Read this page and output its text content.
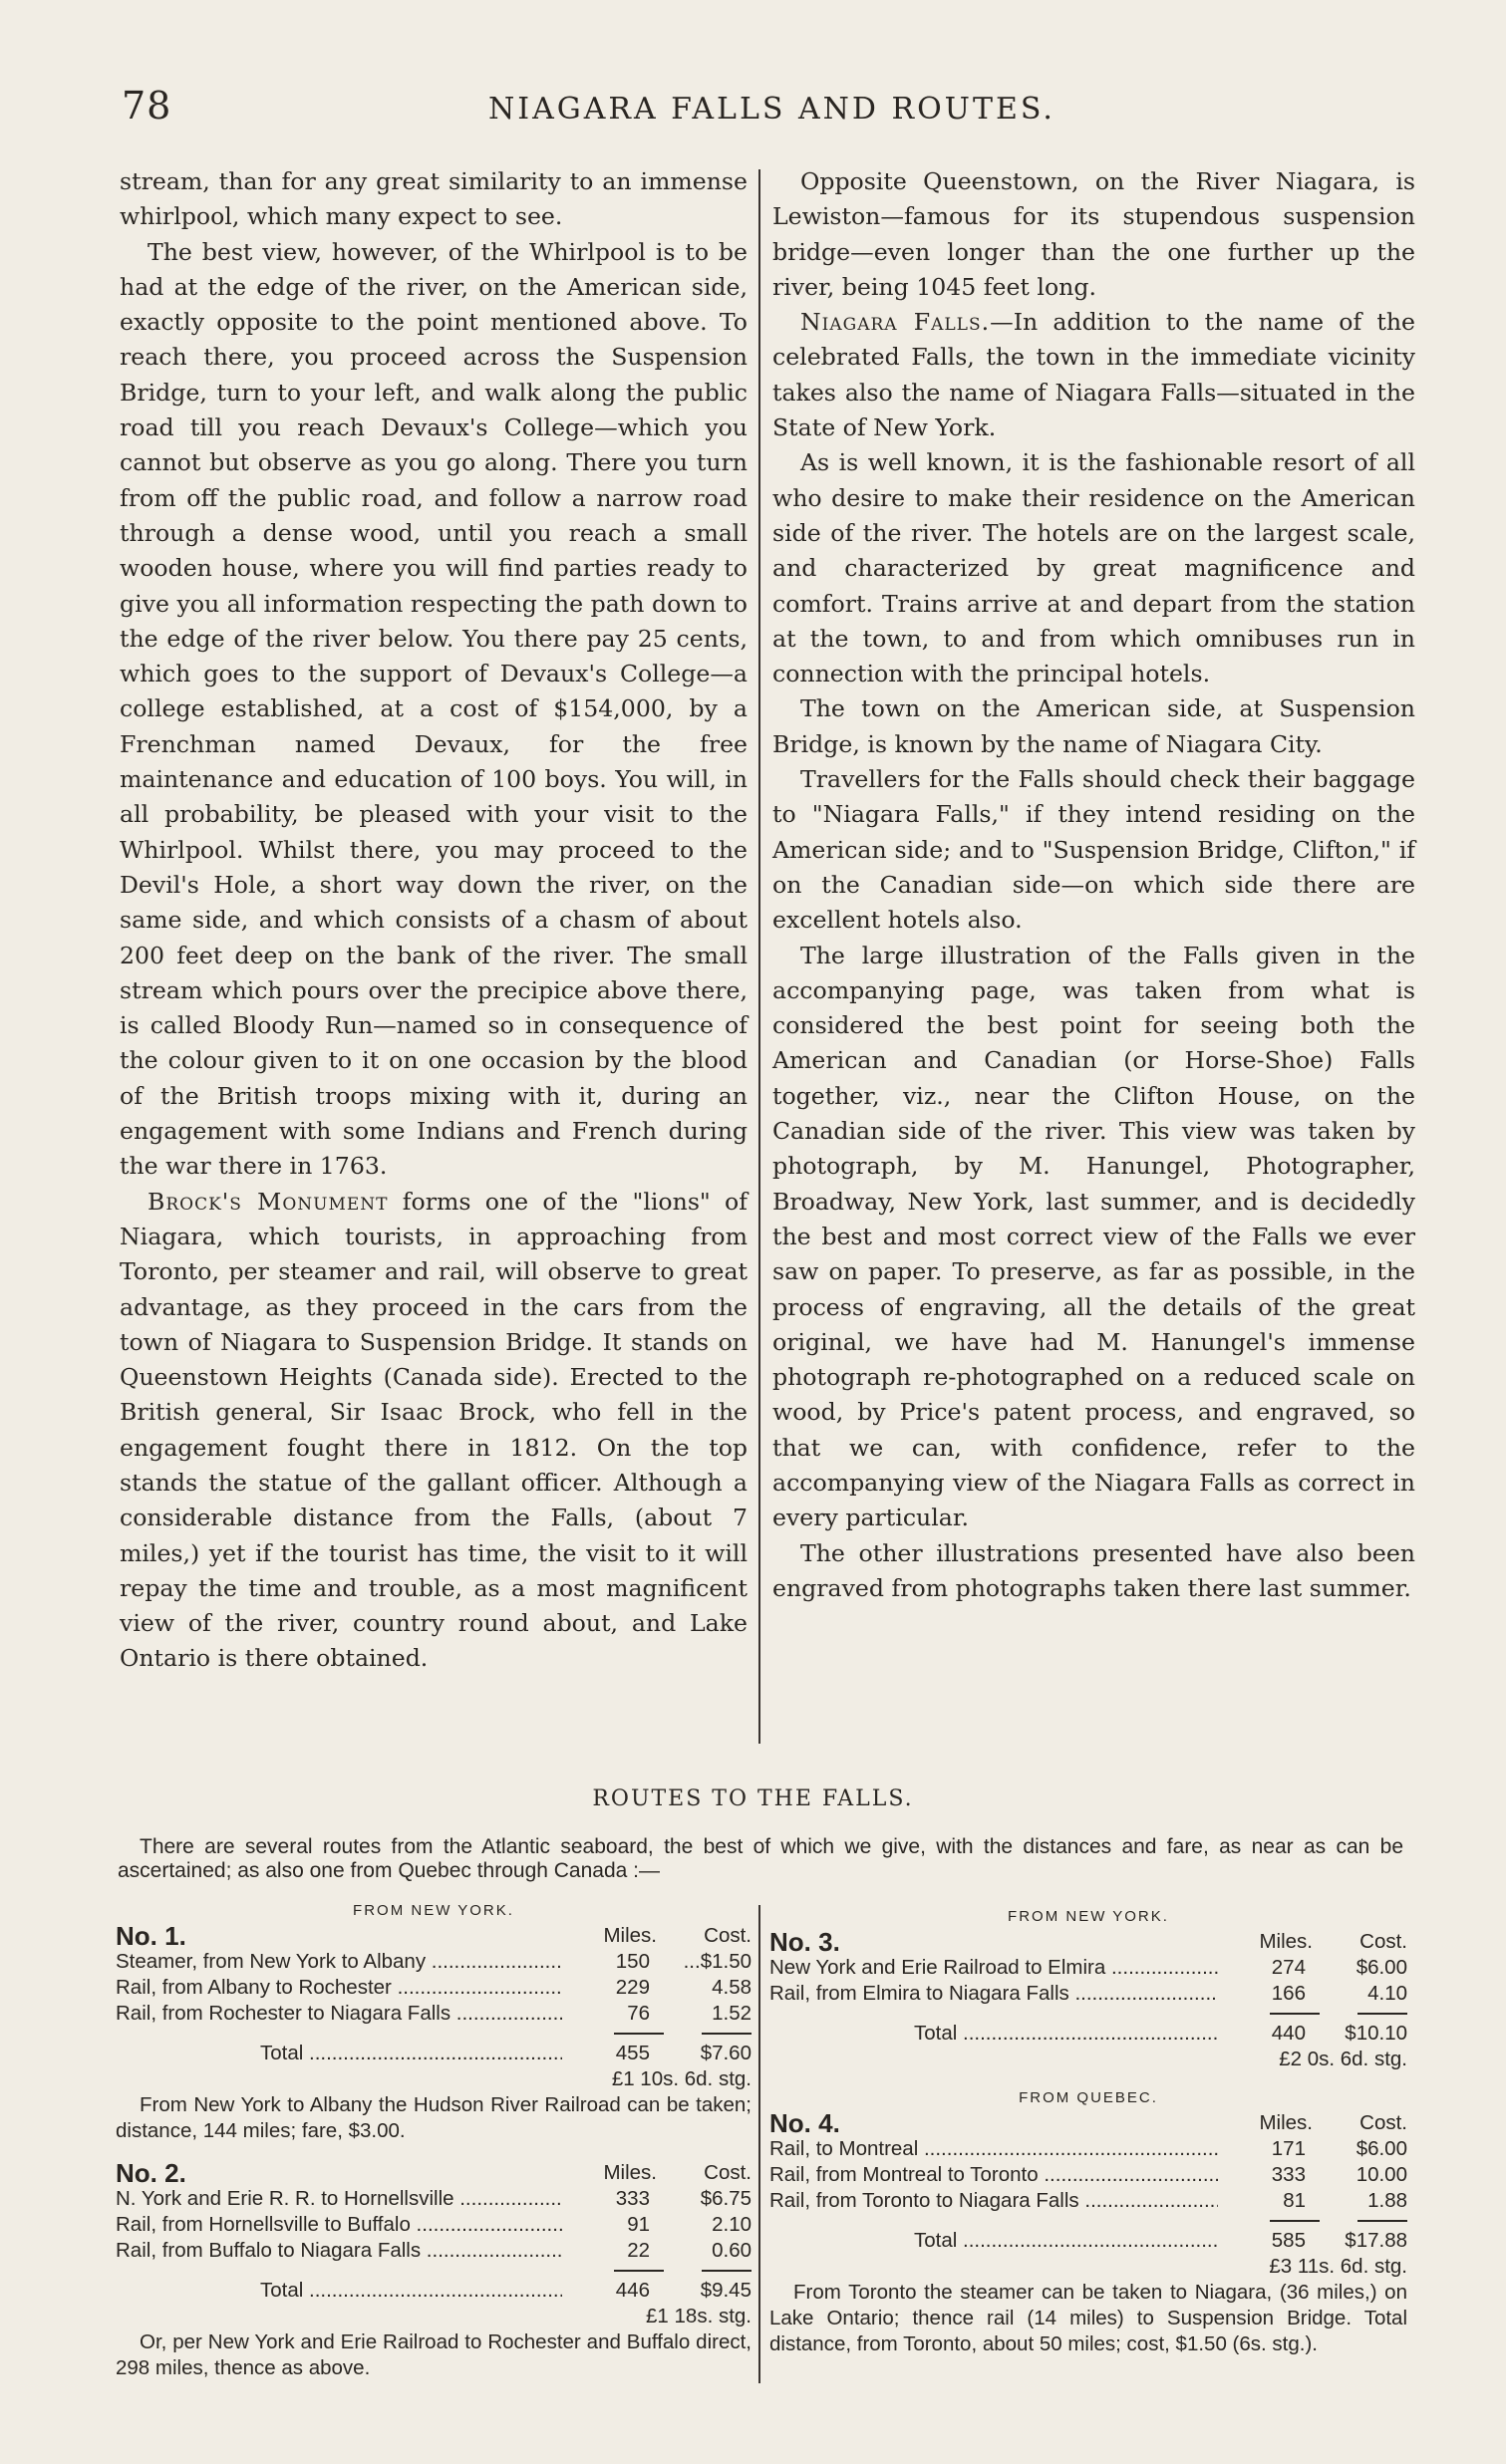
78	NIAGARA FALLS AND ROUTES.

stream, than for any great similarity to an immense whirlpool, which many expect to see.

The best view, however, of the Whirlpool is to be had at the edge of the river, on the American side, exactly opposite to the point mentioned above. To reach there, you proceed across the Suspension Bridge, turn to your left, and walk along the public road till you reach Devaux's College—which you cannot but observe as you go along. There you turn from off the public road, and follow a narrow road through a dense wood, until you reach a small wooden house, where you will find parties ready to give you all information respecting the path down to the edge of the river below. You there pay 25 cents, which goes to the support of Devaux's College—a college established, at a cost of $154,000, by a Frenchman named Devaux, for the free maintenance and education of 100 boys. You will, in all probability, be pleased with your visit to the Whirlpool. Whilst there, you may proceed to the Devil's Hole, a short way down the river, on the same side, and which consists of a chasm of about 200 feet deep on the bank of the river. The small stream which pours over the precipice above there, is called Bloody Run—named so in consequence of the colour given to it on one occasion by the blood of the British troops mixing with it, during an engagement with some Indians and French during the war there in 1763.

Brock's Monument forms one of the "lions" of Niagara, which tourists, in approaching from Toronto, per steamer and rail, will observe to great advantage, as they proceed in the cars from the town of Niagara to Suspension Bridge. It stands on Queenstown Heights (Canada side). Erected to the British general, Sir Isaac Brock, who fell in the engagement fought there in 1812. On the top stands the statue of the gallant officer. Although a considerable distance from the Falls, (about 7 miles,) yet if the tourist has time, the visit to it will repay the time and trouble, as a most magnificent view of the river, country round about, and Lake Ontario is there obtained.

Opposite Queenstown, on the River Niagara, is Lewiston—famous for its stupendous suspension bridge—even longer than the one further up the river, being 1045 feet long.

Niagara Falls.—In addition to the name of the celebrated Falls, the town in the immediate vicinity takes also the name of Niagara Falls—situated in the State of New York.

As is well known, it is the fashionable resort of all who desire to make their residence on the American side of the river. The hotels are on the largest scale, and characterized by great magnificence and comfort. Trains arrive at and depart from the station at the town, to and from which omnibuses run in connection with the principal hotels.

The town on the American side, at Suspension Bridge, is known by the name of Niagara City.

Travellers for the Falls should check their baggage to "Niagara Falls," if they intend residing on the American side; and to "Suspension Bridge, Clifton," if on the Canadian side—on which side there are excellent hotels also.

The large illustration of the Falls given in the accompanying page, was taken from what is considered the best point for seeing both the American and Canadian (or Horse-Shoe) Falls together, viz., near the Clifton House, on the Canadian side of the river. This view was taken by photograph, by M. Hanungel, Photographer, Broadway, New York, last summer, and is decidedly the best and most correct view of the Falls we ever saw on paper. To preserve, as far as possible, in the process of engraving, all the details of the great original, we have had M. Hanungel's immense photograph re-photographed on a reduced scale on wood, by Price's patent process, and engraved, so that we can, with confidence, refer to the accompanying view of the Niagara Falls as correct in every particular.

The other illustrations presented have also been engraved from photographs taken there last summer.

ROUTES TO THE FALLS.

There are several routes from the Atlantic seaboard, the best of which we give, with the distances and fare, as near as can be ascertained; as also one from Quebec through Canada :—

FROM NEW YORK.
No. 1.	Miles.	Cost.
Steamer, from New York to Albany .....	150	...$1.50
Rail, from Albany to Rochester .....	229	4.58
Rail, from Rochester to Niagara Falls .....	76	1.52
Total .....	455	$7.60
£1 10s. 6d. stg.

From New York to Albany the Hudson River Railroad can be taken; distance, 144 miles; fare, $3.00.

No. 2.	Miles.	Cost.
N. York and Erie R. R. to Hornellsville .....	333	$6.75
Rail, from Hornellsville to Buffalo .....	91	2.10
Rail, from Buffalo to Niagara Falls .....	22	0.60
Total .....	446	$9.45
£1 18s. stg.

Or, per New York and Erie Railroad to Rochester and Buffalo direct, 298 miles, thence as above.

FROM NEW YORK.
No. 3.	Miles.	Cost.
New York and Erie Railroad to Elmira .....	274	$6.00
Rail, from Elmira to Niagara Falls .....	166	4.10
Total .....	440	$10.10
£2 0s. 6d. stg.
FROM QUEBEC.
No. 4.	Miles.	Cost.
Rail, to Montreal .....	171	$6.00
Rail, from Montreal to Toronto .....	333	10.00
Rail, from Toronto to Niagara Falls .....	81	1.88
Total .....	585	$17.88
£3 11s. 6d. stg.

From Toronto the steamer can be taken to Niagara, (36 miles,) on Lake Ontario; thence rail (14 miles) to Suspension Bridge. Total distance, from Toronto, about 50 miles; cost, $1.50 (6s. stg.).
